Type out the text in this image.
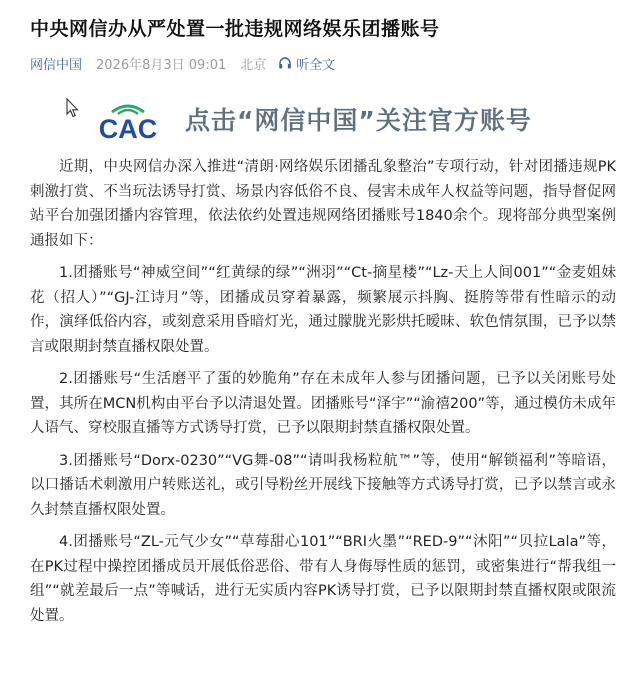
中央网信办从严处置一批违规网络娱乐团播账号
网信中国 2026年8月3日 09:01 北京 听全文
CAC 点击“网信中国”关注官方账号

近期，中央网信办深入推进“清朗·网络娱乐团播乱象整治”专项行动，针对团播违规PK刺激打赏、不当玩法诱导打赏、场景内容低俗不良、侵害未成年人权益等问题，指导督促网站平台加强团播内容管理，依法依约处置违规网络团播账号1840余个。现将部分典型案例通报如下：

1.团播账号“神威空间”“红黄绿的绿”“洲羽”“Ct-摘星楼”“Lz-天上人间001”“金麦姐妹花（招人）”“GJ-江诗月”等，团播成员穿着暴露，频繁展示抖胸、挺胯等带有性暗示的动作，演绎低俗内容，或刻意采用昏暗灯光，通过朦胧光影烘托暧昧、软色情氛围，已予以禁言或限期封禁直播权限处置。

2.团播账号“生活磨平了蛋的妙脆角”存在未成年人参与团播问题，已予以关闭账号处置，其所在MCN机构由平台予以清退处置。团播账号“泽宇”“渝禧200”等，通过模仿未成年人语气、穿校服直播等方式诱导打赏，已予以限期封禁直播权限处置。

3.团播账号“Dorx-0230”“VG舞-08”“请叫我杨粒航™”等，使用“解锁福利”等暗语，以口播话术刺激用户转账送礼，或引导粉丝开展线下接触等方式诱导打赏，已予以禁言或永久封禁直播权限处置。

4.团播账号“ZL-元气少女”“草莓甜心101”“BRI火墨”“RED-9”“沐阳”“贝拉Lala”等，在PK过程中操控团播成员开展低俗恶俗、带有人身侮辱性质的惩罚，或密集进行“帮我组一组”“就差最后一点”等喊话，进行无实质内容PK诱导打赏，已予以限期封禁直播权限或限流处置。
